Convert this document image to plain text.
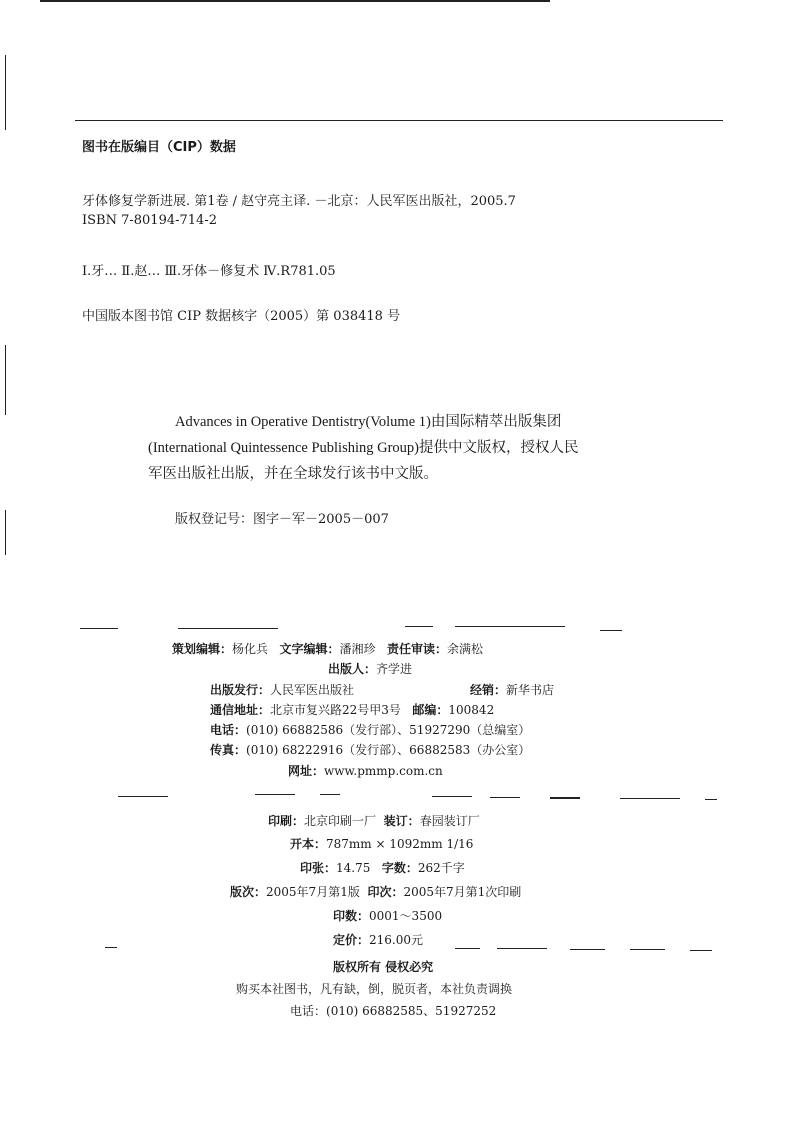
图书在版编目（CIP）数据
牙体修复学新进展. 第1卷 / 赵守亮主译. －北京：人民军医出版社，2005.7
ISBN 7-80194-714-2
Ⅰ.牙… Ⅱ.赵… Ⅲ.牙体－修复术 Ⅳ.R781.05
中国版本图书馆 CIP 数据核字（2005）第 038418 号
Advances in Operative Dentistry(Volume 1)由国际精萃出版集团
(International Quintessence Publishing Group)提供中文版权，授权人民
军医出版社出版，并在全球发行该书中文版。
版权登记号：图字－军－2005－007
策划编辑：杨化兵 文字编辑：潘湘珍 责任审读：余满松
出版人：齐学进
出版发行：人民军医出版社	经销：新华书店
通信地址：北京市复兴路22号甲3号 邮编：100842
电话：(010) 66882586（发行部）、51927290（总编室）
传真：(010) 68222916（发行部）、66882583（办公室）
网址：www.pmmp.com.cn
印刷：北京印刷一厂 装订：春园装订厂
开本：787mm × 1092mm 1/16
印张：14.75 字数：262千字
版次：2005年7月第1版 印次：2005年7月第1次印刷
印数：0001～3500
定价：216.00元
版权所有 侵权必究
购买本社图书，凡有缺，倒，脱页者，本社负责调换
电话：(010) 66882585、51927252
